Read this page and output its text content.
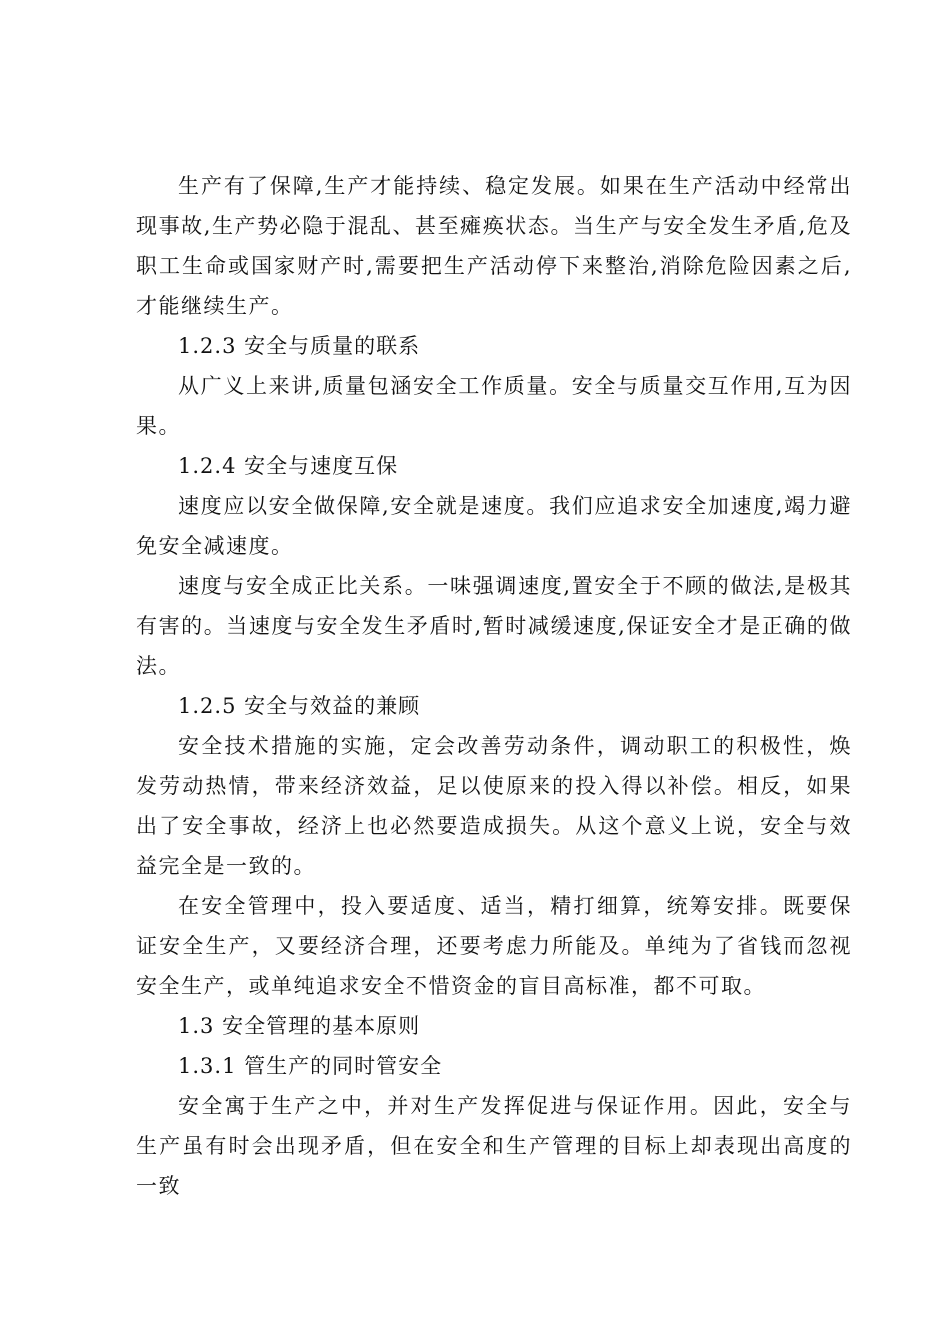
生产有了保障,生产才能持续、稳定发展。如果在生产活动中经常出现事故,生产势必隐于混乱、甚至瘫痪状态。当生产与安全发生矛盾,危及职工生命或国家财产时,需要把生产活动停下来整治,消除危险因素之后,才能继续生产。

1.2.3 安全与质量的联系

从广义上来讲,质量包涵安全工作质量。安全与质量交互作用,互为因果。

1.2.4 安全与速度互保

速度应以安全做保障,安全就是速度。我们应追求安全加速度,竭力避免安全减速度。

速度与安全成正比关系。一味强调速度,置安全于不顾的做法,是极其有害的。当速度与安全发生矛盾时,暂时减缓速度,保证安全才是正确的做法。

1.2.5 安全与效益的兼顾

安全技术措施的实施，定会改善劳动条件，调动职工的积极性，焕发劳动热情，带来经济效益，足以使原来的投入得以补偿。相反，如果出了安全事故，经济上也必然要造成损失。从这个意义上说，安全与效益完全是一致的。

在安全管理中，投入要适度、适当，精打细算，统筹安排。既要保证安全生产，又要经济合理，还要考虑力所能及。单纯为了省钱而忽视安全生产，或单纯追求安全不惜资金的盲目高标准，都不可取。

1.3 安全管理的基本原则

1.3.1 管生产的同时管安全

安全寓于生产之中，并对生产发挥促进与保证作用。因此，安全与生产虽有时会出现矛盾，但在安全和生产管理的目标上却表现出高度的一致
